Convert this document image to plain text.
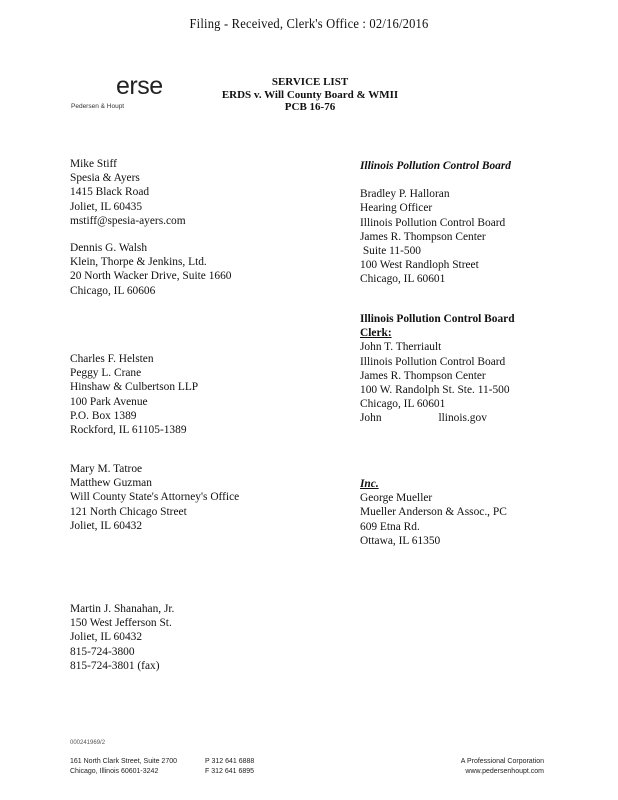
Filing - Received, Clerk's Office : 02/16/2016
erse
Pedersen & Houpt
SERVICE LIST
ERDS v. Will County Board & WMII
PCB 16-76
Mike Stiff
Spesia & Ayers
1415 Black Road
Joliet, IL 60435
mstiff@spesia-ayers.com
Dennis G. Walsh
Klein, Thorpe & Jenkins, Ltd.
20 North Wacker Drive, Suite 1660
Chicago, IL 60606
Charles F. Helsten
Peggy L. Crane
Hinshaw & Culbertson LLP
100 Park Avenue
P.O. Box 1389
Rockford, IL 61105-1389
Mary M. Tatroe
Matthew Guzman
Will County State's Attorney's Office
121 North Chicago Street
Joliet, IL 60432
Martin J. Shanahan, Jr.
150 West Jefferson St.
Joliet, IL 60432
815-724-3800
815-724-3801 (fax)
Illinois Pollution Control Board
Bradley P. Halloran
Hearing Officer
Illinois Pollution Control Board
James R. Thompson Center
Suite 11-500
100 West Randloph Street
Chicago, IL 60601
Illinois Pollution Control Board
Clerk:
John T. Therriault
Illinois Pollution Control Board
James R. Thompson Center
100 W. Randolph St. Ste. 11-500
Chicago, IL 60601
John                    llinois.gov
Inc.
George Mueller
Mueller Anderson & Assoc., PC
609 Etna Rd.
Ottawa, IL 61350
000241969/2
161 North Clark Street, Suite 2700
Chicago, Illinois 60601-3242
P 312 641 6888
F 312 641 6895
A Professional Corporation
www.pedersenhoupt.com
